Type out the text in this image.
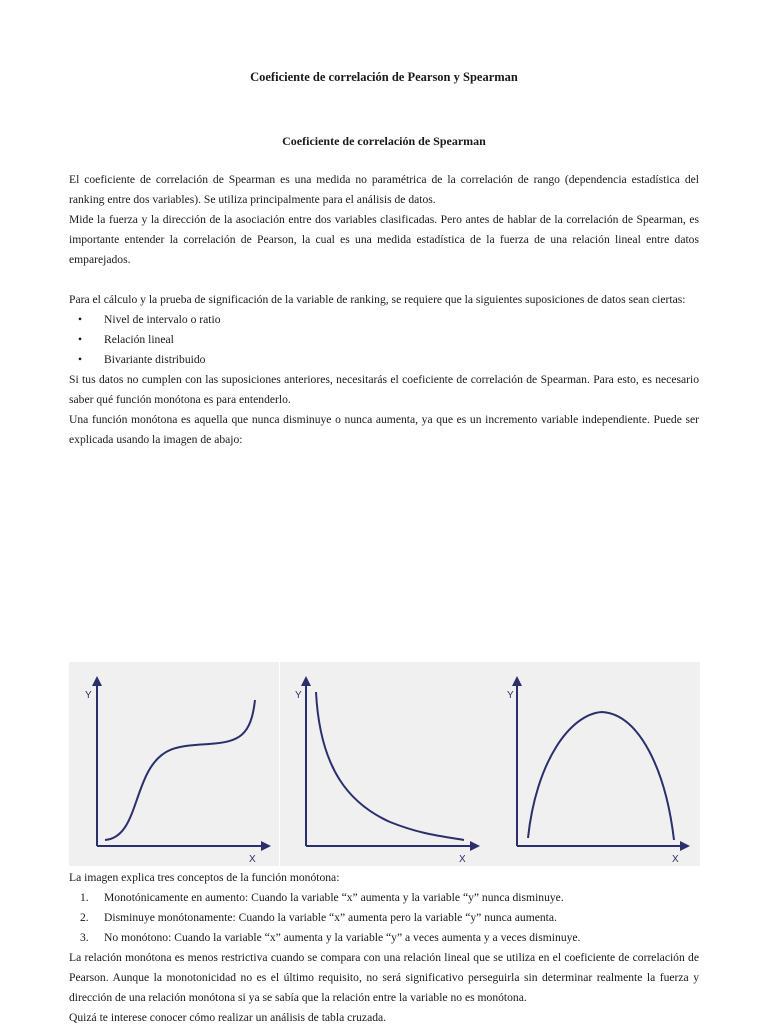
Coeficiente de correlación de Pearson y Spearman
Coeficiente de correlación de Spearman

El coeficiente de correlación de Spearman es una medida no paramétrica de la correlación de rango (dependencia estadística del ranking entre dos variables). Se utiliza principalmente para el análisis de datos.

Mide la fuerza y la dirección de la asociación entre dos variables clasificadas. Pero antes de hablar de la correlación de Spearman, es importante entender la correlación de Pearson, la cual es una medida estadística de la fuerza de una relación lineal entre datos emparejados.

Para el cálculo y la prueba de significación de la variable de ranking, se requiere que la siguientes suposiciones de datos sean ciertas:

• Nivel de intervalo o ratio
• Relación lineal
• Bivariante distribuido

Si tus datos no cumplen con las suposiciones anteriores, necesitarás el coeficiente de correlación de Spearman. Para esto, es necesario saber qué función monótona es para entenderlo.

Una función monótona es aquella que nunca disminuye o nunca aumenta, ya que es un incremento variable independiente. Puede ser explicada usando la imagen de abajo:

Y
X
Y
X
Y
X

La imagen explica tres conceptos de la función monótona:

1. Monotónicamente en aumento: Cuando la variable “x” aumenta y la variable “y” nunca disminuye.
2. Disminuye monótonamente: Cuando la variable “x” aumenta pero la variable “y” nunca aumenta.
3. No monótono: Cuando la variable “x” aumenta y la variable “y” a veces aumenta y a veces disminuye.

La relación monótona es menos restrictiva cuando se compara con una relación lineal que se utiliza en el coeficiente de correlación de Pearson. Aunque la monotonicidad no es el último requisito, no será significativo perseguirla sin determinar realmente la fuerza y dirección de una relación monótona si ya se sabía que la relación entre la variable no es monótona.

Quizá te interese conocer cómo realizar un análisis de tabla cruzada.
